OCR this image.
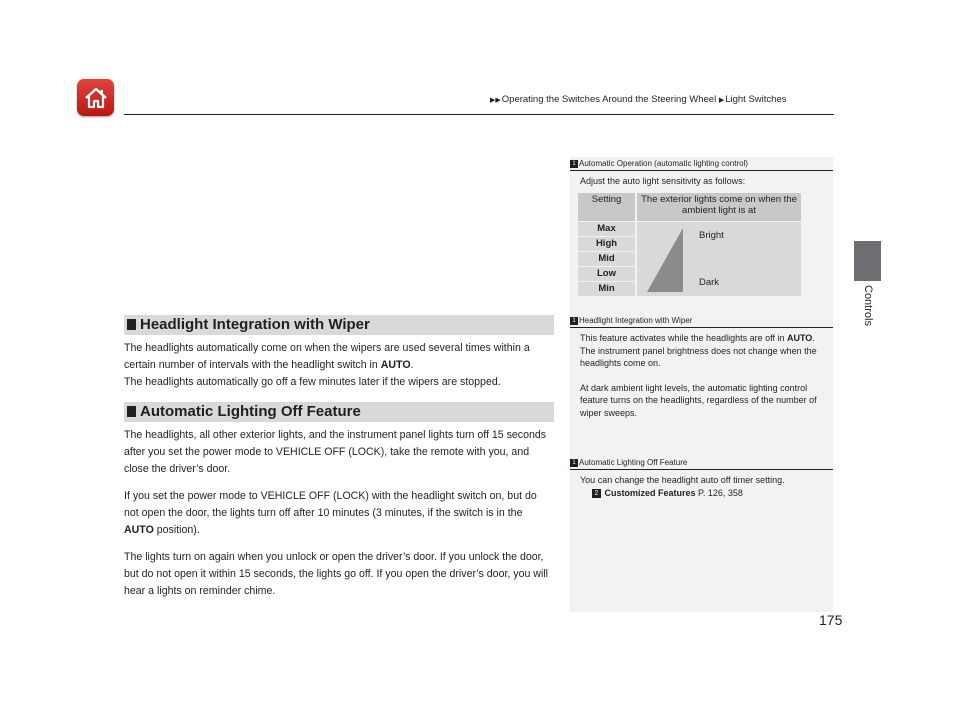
▶▶Operating the Switches Around the Steering Wheel ▶Light Switches
Controls
Headlight Integration with Wiper
The headlights automatically come on when the wipers are used several times within a certain number of intervals with the headlight switch in AUTO.
The headlights automatically go off a few minutes later if the wipers are stopped.
Automatic Lighting Off Feature
The headlights, all other exterior lights, and the instrument panel lights turn off 15 seconds after you set the power mode to VEHICLE OFF (LOCK), take the remote with you, and close the driver’s door.
If you set the power mode to VEHICLE OFF (LOCK) with the headlight switch on, but do not open the door, the lights turn off after 10 minutes (3 minutes, if the switch is in the AUTO position).
The lights turn on again when you unlock or open the driver’s door. If you unlock the door, but do not open it within 15 seconds, the lights go off. If you open the driver’s door, you will hear a lights on reminder chime.
1 Automatic Operation (automatic lighting control)
Adjust the auto light sensitivity as follows:
Setting	The exterior lights come on when the ambient light is at
Max
High
Mid
Low
Min
Bright
Dark
1 Headlight Integration with Wiper
This feature activates while the headlights are off in AUTO.
The instrument panel brightness does not change when the headlights come on.

At dark ambient light levels, the automatic lighting control feature turns on the headlights, regardless of the number of wiper sweeps.
1 Automatic Lighting Off Feature
You can change the headlight auto off timer setting.
2 Customized Features P. 126, 358
175
